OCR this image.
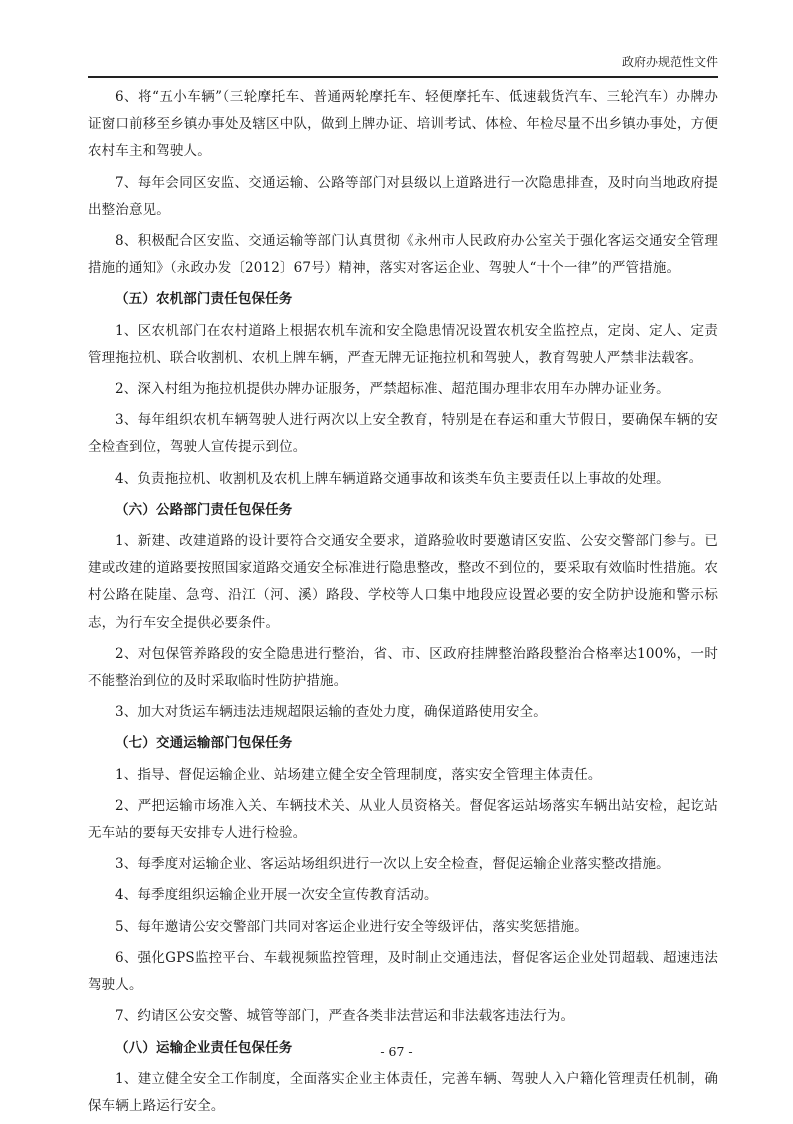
政府办规范性文件

6、将“五小车辆”（三轮摩托车、普通两轮摩托车、轻便摩托车、低速载货汽车、三轮汽车）办牌办证窗口前移至乡镇办事处及辖区中队，做到上牌办证、培训考试、体检、年检尽量不出乡镇办事处，方便农村车主和驾驶人。

7、每年会同区安监、交通运输、公路等部门对县级以上道路进行一次隐患排查，及时向当地政府提出整治意见。

8、积极配合区安监、交通运输等部门认真贯彻《永州市人民政府办公室关于强化客运交通安全管理措施的通知》（永政办发〔2012〕67号）精神，落实对客运企业、驾驶人“十个一律”的严管措施。

（五）农机部门责任包保任务

1、区农机部门在农村道路上根据农机车流和安全隐患情况设置农机安全监控点，定岗、定人、定责管理拖拉机、联合收割机、农机上牌车辆，严查无牌无证拖拉机和驾驶人，教育驾驶人严禁非法载客。

2、深入村组为拖拉机提供办牌办证服务，严禁超标准、超范围办理非农用车办牌办证业务。

3、每年组织农机车辆驾驶人进行两次以上安全教育，特别是在春运和重大节假日，要确保车辆的安全检查到位，驾驶人宣传提示到位。

4、负责拖拉机、收割机及农机上牌车辆道路交通事故和该类车负主要责任以上事故的处理。

（六）公路部门责任包保任务

1、新建、改建道路的设计要符合交通安全要求，道路验收时要邀请区安监、公安交警部门参与。已建或改建的道路要按照国家道路交通安全标准进行隐患整改，整改不到位的，要采取有效临时性措施。农村公路在陡崖、急弯、沿江（河、溪）路段、学校等人口集中地段应设置必要的安全防护设施和警示标志，为行车安全提供必要条件。

2、对包保管养路段的安全隐患进行整治，省、市、区政府挂牌整治路段整治合格率达100%，一时不能整治到位的及时采取临时性防护措施。

3、加大对货运车辆违法违规超限运输的查处力度，确保道路使用安全。

（七）交通运输部门包保任务

1、指导、督促运输企业、站场建立健全安全管理制度，落实安全管理主体责任。

2、严把运输市场准入关、车辆技术关、从业人员资格关。督促客运站场落实车辆出站安检，起讫站无车站的要每天安排专人进行检验。

3、每季度对运输企业、客运站场组织进行一次以上安全检查，督促运输企业落实整改措施。

4、每季度组织运输企业开展一次安全宣传教育活动。

5、每年邀请公安交警部门共同对客运企业进行安全等级评估，落实奖惩措施。

6、强化GPS监控平台、车载视频监控管理，及时制止交通违法，督促客运企业处罚超载、超速违法驾驶人。

7、约请区公安交警、城管等部门，严查各类非法营运和非法载客违法行为。

（八）运输企业责任包保任务

1、建立健全安全工作制度，全面落实企业主体责任，完善车辆、驾驶人入户籍化管理责任机制，确保车辆上路运行安全。

- 67 -
